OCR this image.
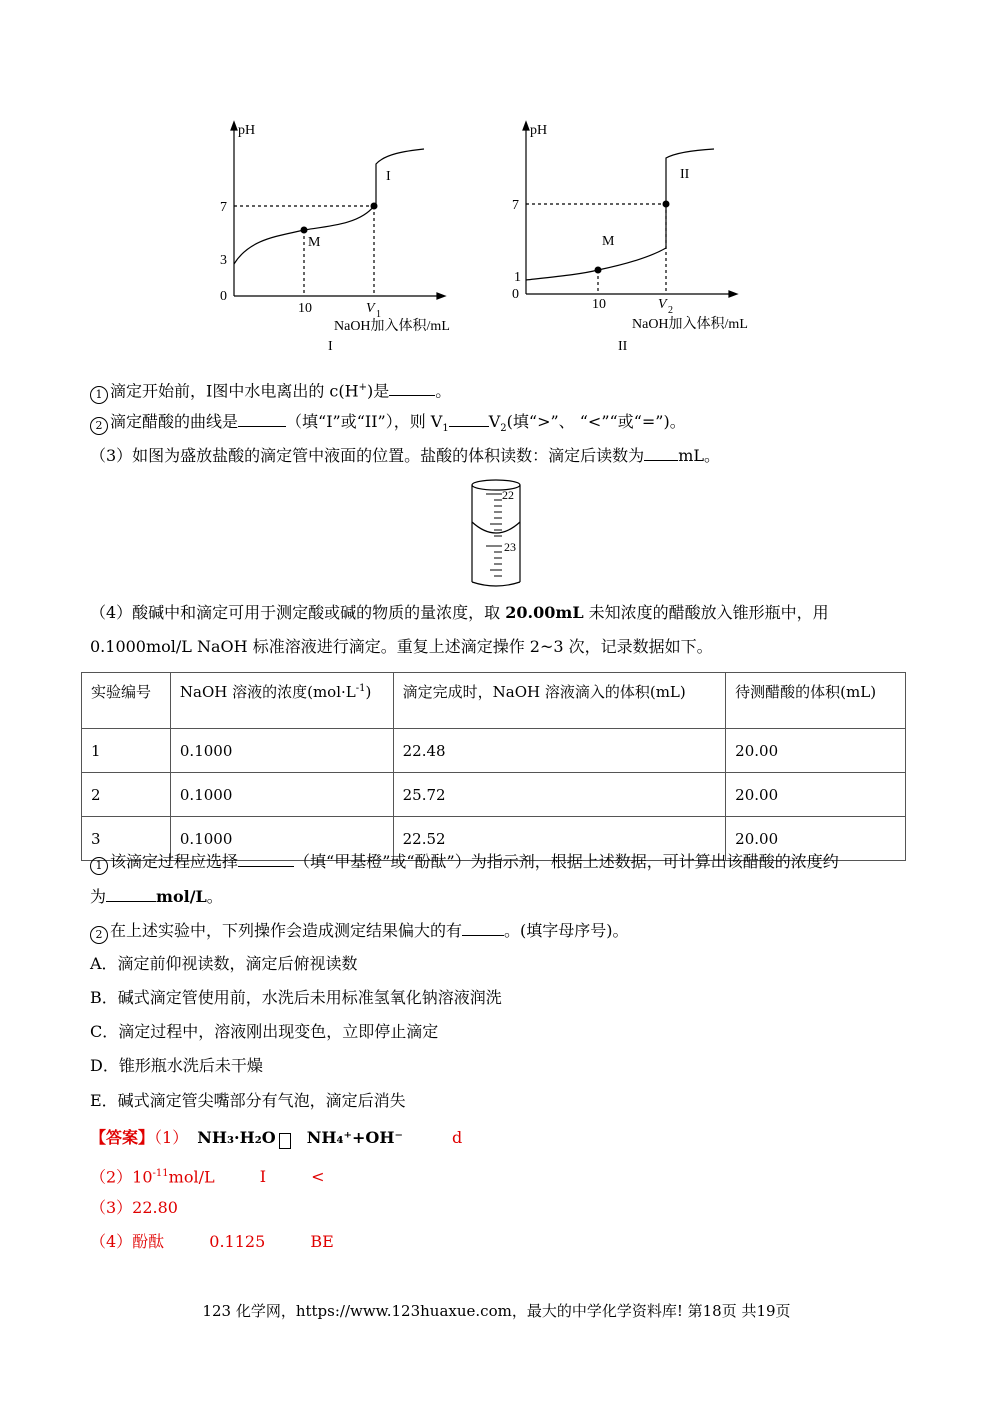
pH
7
3
0
10	V 1
M
I
NaOH加入体积/mL
I
pH
7
1
0
10	V 2
M
II
NaOH加入体积/mL
II
1 滴定开始前，I图中水电离出的 c(H+)是	。
2 滴定醋酸的曲线是	（填“I”或“II”），则 $V_1$	$V_2$(填“>”、 “<”“或“=”)。
（3）如图为盛放盐酸的滴定管中液面的位置。盐酸的体积读数：滴定后读数为 mL。
22
23
（4）酸碱中和滴定可用于测定酸或碱的物质的量浓度，取 20.00mL 未知浓度的醋酸放入锥形瓶中，用
0.1000mol/L NaOH 标准溶液进行滴定。重复上述滴定操作 2~3 次，记录数据如下。
实验编号	NaOH 溶液的浓度$(mol\cdot L^{-1})$	滴定完成时，NaOH 溶液滴入的体积(mL)	待测醋酸的体积(mL)
1	0.1000	22.48	20.00
2	0.1000	25.72	20.00
3	0.1000	22.52	20.00
1 该滴定过程应选择	（填“甲基橙”或“酚酞”）为指示剂，根据上述数据，可计算出该醋酸的浓度约
为	mol/L。
2 在上述实验中，下列操作会造成测定结果偏大的有	。(填字母序号)。
A．滴定前仰视读数，滴定后俯视读数
B．碱式滴定管使用前，水洗后未用标准氢氧化钠溶液润洗
C．滴定过程中，溶液刚出现变色，立即停止滴定
D．锥形瓶水洗后未干燥
E．碱式滴定管尖嘴部分有气泡，滴定后消失
【答案】（1） NH₃·H₂O NH₄⁺+OH⁻	d
$(2)10^{-11}mol/L$	I	<
（3）22.80
（4）酚酞	0.1125	BE
123 化学网，https://www.123huaxue.com，最大的中学化学资料库! 第18页 共19页
